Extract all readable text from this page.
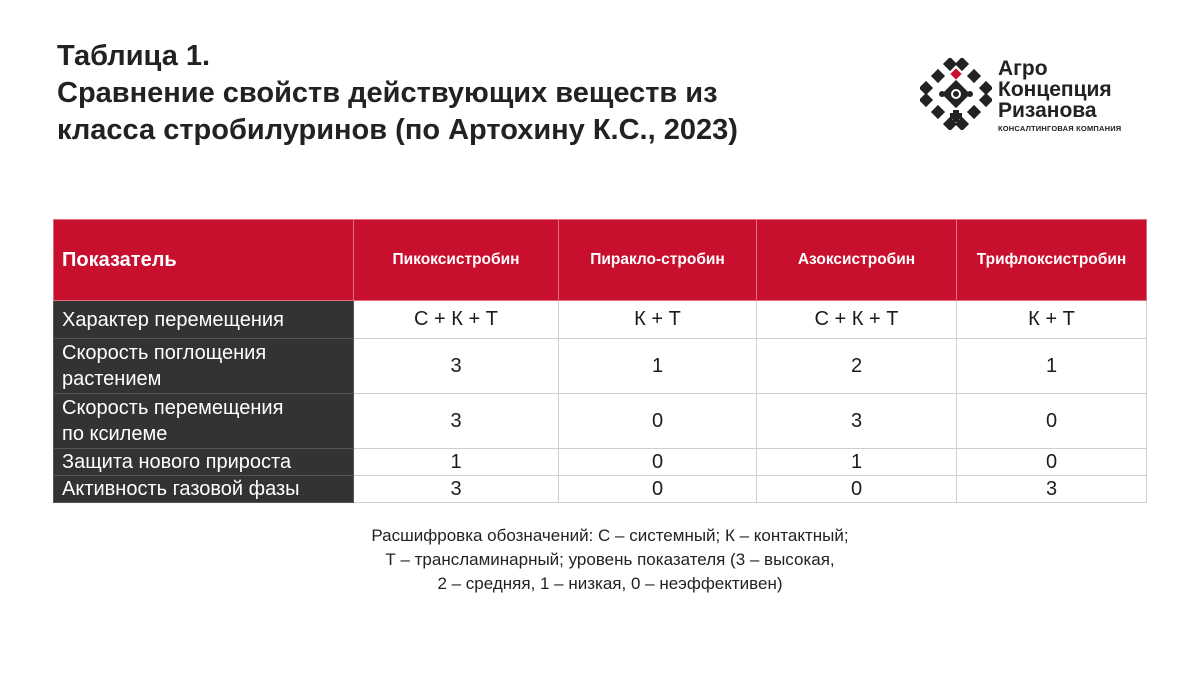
Таблица 1.
Сравнение свойств действующих веществ из
класса стробилуринов (по Артохину К.С., 2023)
Агро
Концепция
Ризанова
КОНСАЛТИНГОВАЯ КОМПАНИЯ
Показатель	Пикоксистробин	Пиракло-стробин	Азоксистробин	Трифлоксистробин
Характер перемещения	С + К + Т	К + Т	С + К + Т	К + Т

Скорость поглощения
растением	3	1	2	1

Скорость перемещения
по ксилеме	3	0	3	0
Защита нового прироста	1	0	1	0
Активность газовой фазы	3	0	0	3
Расшифровка обозначений: С – системный; К – контактный;
Т – трансламинарный; уровень показателя (3 – высокая,
2 – средняя, 1 – низкая, 0 – неэффективен)
